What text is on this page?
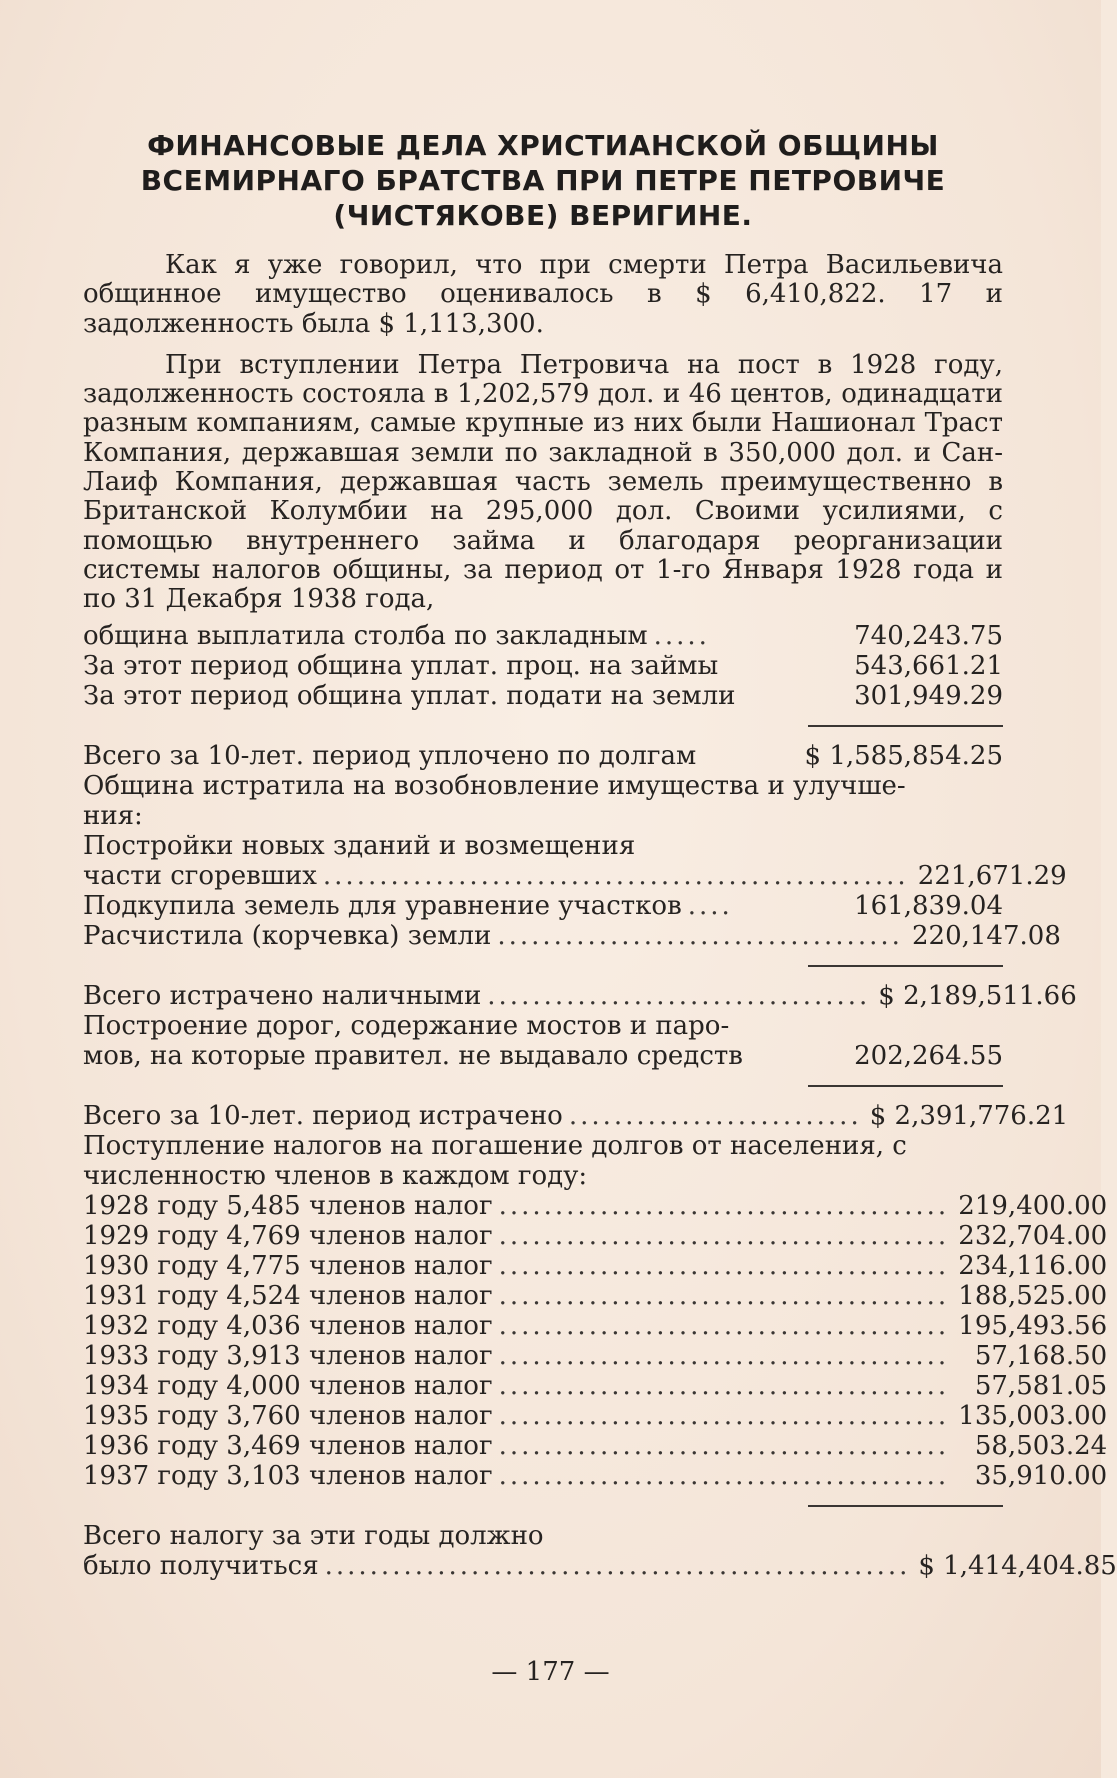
ФИНАНСОВЫЕ ДЕЛА ХРИСТИАНСКОЙ ОБЩИНЫ
ВСЕМИРНАГО БРАТСТВА ПРИ ПЕТРЕ ПЕТРОВИЧЕ
(ЧИСТЯКОВЕ) ВЕРИГИНЕ.

Как я уже говорил, что при смерти Петра Васильевича общинное имущество оценивалось в $ 6,410,822. 17 и задолженность была $ 1,113,300.

При вступлении Петра Петровича на пост в 1928 году, задолженность состояла в 1,202,579 дол. и 46 центов, одинадцати разным компаниям, самые крупные из них были Нашионал Траст Компания, державшая земли по закладной в 350,000 дол. и Сан-Лаиф Компания, державшая часть земель преимущественно в Британской Колумбии на 295,000 дол. Своими усилиями, с помощью внутреннего займа и благодаря реорганизации системы налогов общины, за период от 1-го Января 1928 года и по 31 Декабря 1938 года,

община выплатила столба по закладным .....	740,243.75
За этот период община уплат. проц. на займы	543,661.21
За этот период община уплат. подати на земли	301,949.29
Всего за 10-лет. период уплочено по долгам	$ 1,585,854.25
Община истратила на возобновление имущества и улучше-
ния:
Постройки новых зданий и возмещения
части сгоревших .................................................... 221,671.29
Подкупила земель для уравнение участков ....	161,839.04
Расчистила (корчевка) земли .................................... 220,147.08
Всего истрачено наличными .................................. $ 2,189,511.66
Построение дорог, содержание мостов и паро-
мов, на которые правител. не выдавало средств	202,264.55
Всего за 10-лет. период истрачено .......................... $ 2,391,776.21
Поступление налогов на погашение долгов от населения, с
численностю членов в каждом году:
1928 году 5,485 членов налог ........................................ 219,400.00
1929 году 4,769 членов налог ........................................ 232,704.00
1930 году 4,775 членов налог ........................................ 234,116.00
1931 году 4,524 членов налог ........................................ 188,525.00
1932 году 4,036 членов налог ........................................ 195,493.56
1933 году 3,913 членов налог ........................................ 57,168.50
1934 году 4,000 членов налог ........................................ 57,581.05
1935 году 3,760 членов налог ........................................ 135,003.00
1936 году 3,469 членов налог ........................................ 58,503.24
1937 году 3,103 членов налог ........................................ 35,910.00
Всего налогу за эти годы должно
было получиться .................................................... $ 1,414,404.85
— 177 —
